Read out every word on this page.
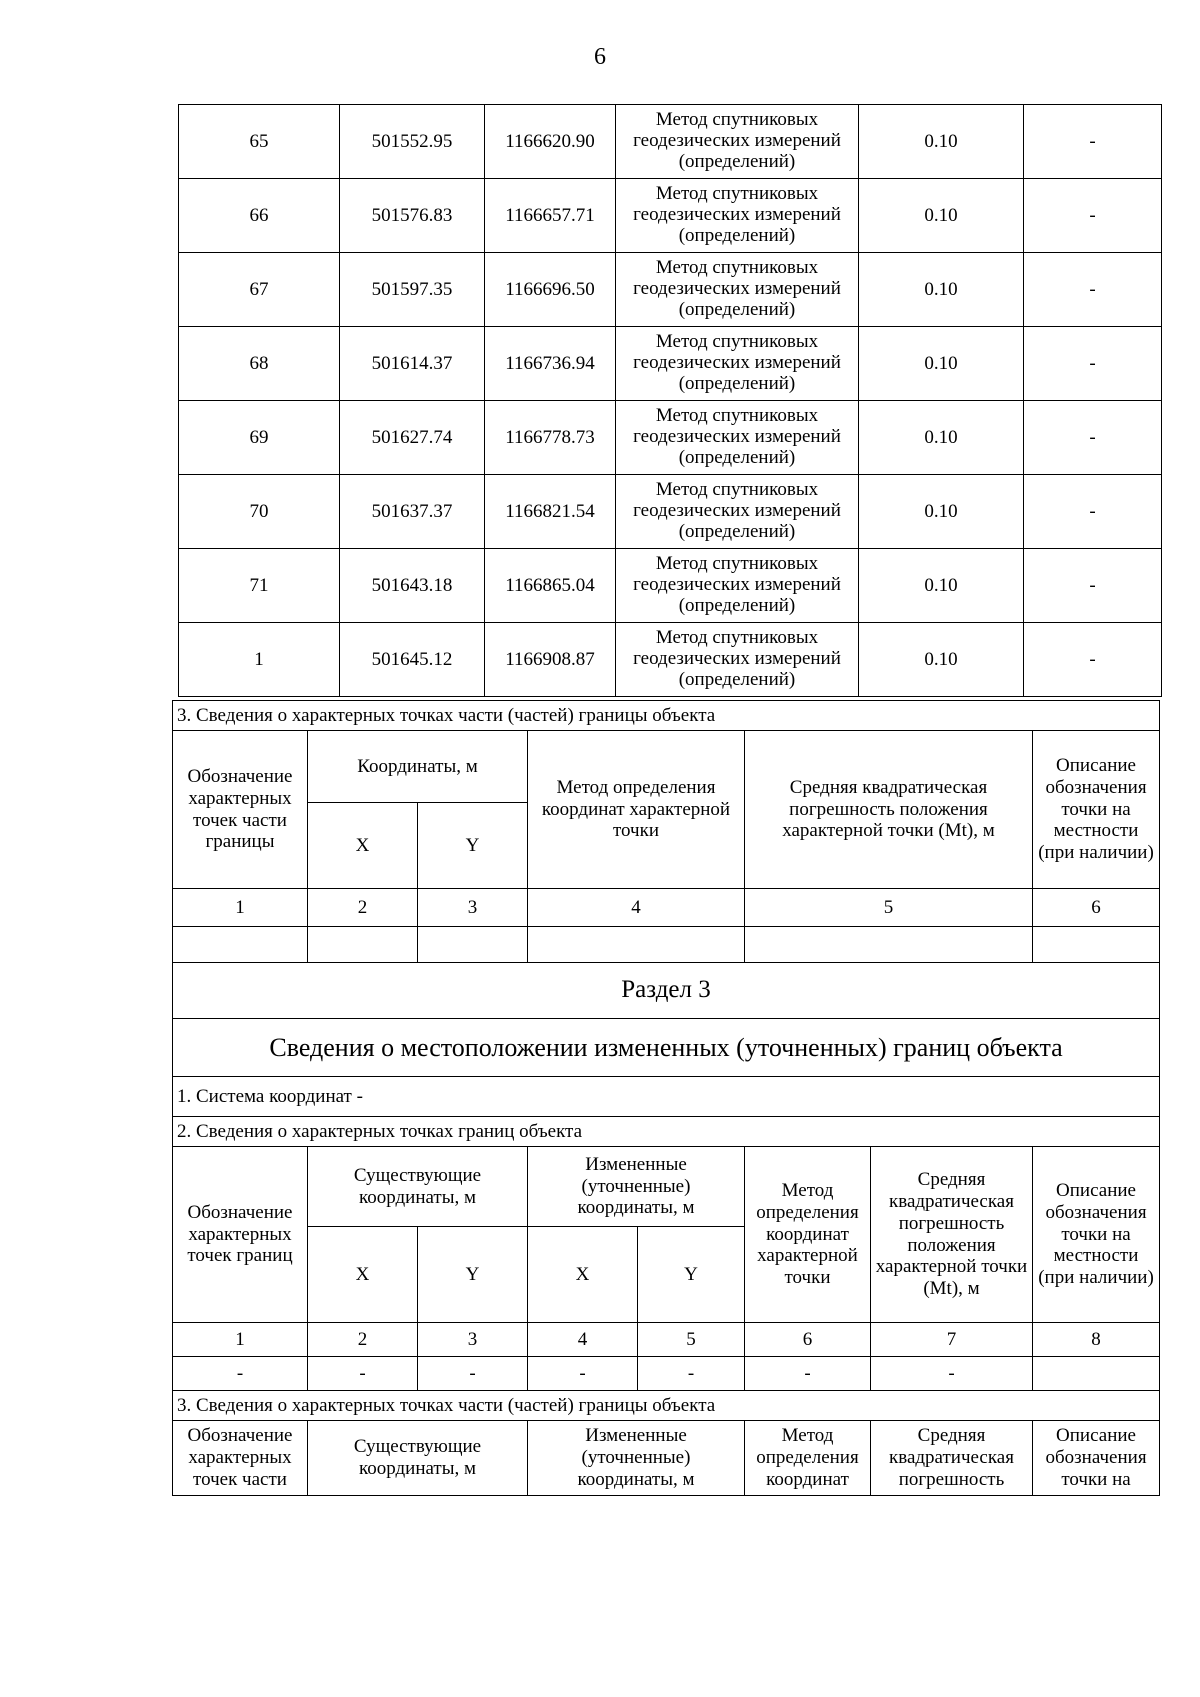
6
65	501552.95	1166620.90	Метод спутниковых геодезических измерений (определений)	0.10	-
66	501576.83	1166657.71	Метод спутниковых геодезических измерений (определений)	0.10	-
67	501597.35	1166696.50	Метод спутниковых геодезических измерений (определений)	0.10	-
68	501614.37	1166736.94	Метод спутниковых геодезических измерений (определений)	0.10	-
69	501627.74	1166778.73	Метод спутниковых геодезических измерений (определений)	0.10	-
70	501637.37	1166821.54	Метод спутниковых геодезических измерений (определений)	0.10	-
71	501643.18	1166865.04	Метод спутниковых геодезических измерений (определений)	0.10	-
1	501645.12	1166908.87	Метод спутниковых геодезических измерений (определений)	0.10	-
3. Сведения о характерных точках части (частей) границы объекта							
Обозначение характерных точек части границы	Координаты, м		Метод определения координат характерной точки		Средняя квадратическая погрешность положения характерной точки (Mt), м		Описание обозначения точки на местности (при наличии)
	X	Y					
1	2	3	4		5		6

Раздел 3							
Сведения о местоположении измененных (уточненных) границ объекта							
1. Система координат -							
2. Сведения о характерных точках границ объекта							
Обозначение характерных точек границ	Существующие координаты, м		Измененные (уточненные) координаты, м		Метод определения координат характерной точки	Средняя квадратическая погрешность положения характерной точки (Mt), м	Описание обозначения точки на местности (при наличии)
	X	Y	X	Y			
1	2	3	4	5	6	7	8
-	-	-	-	-	-	-	
3. Сведения о характерных точках части (частей) границы объекта							
Обозначение характерных точек части	Существующие координаты, м		Измененные (уточненные) координаты, м		Метод определения координат	Средняя квадратическая погрешность	Описание обозначения точки на
